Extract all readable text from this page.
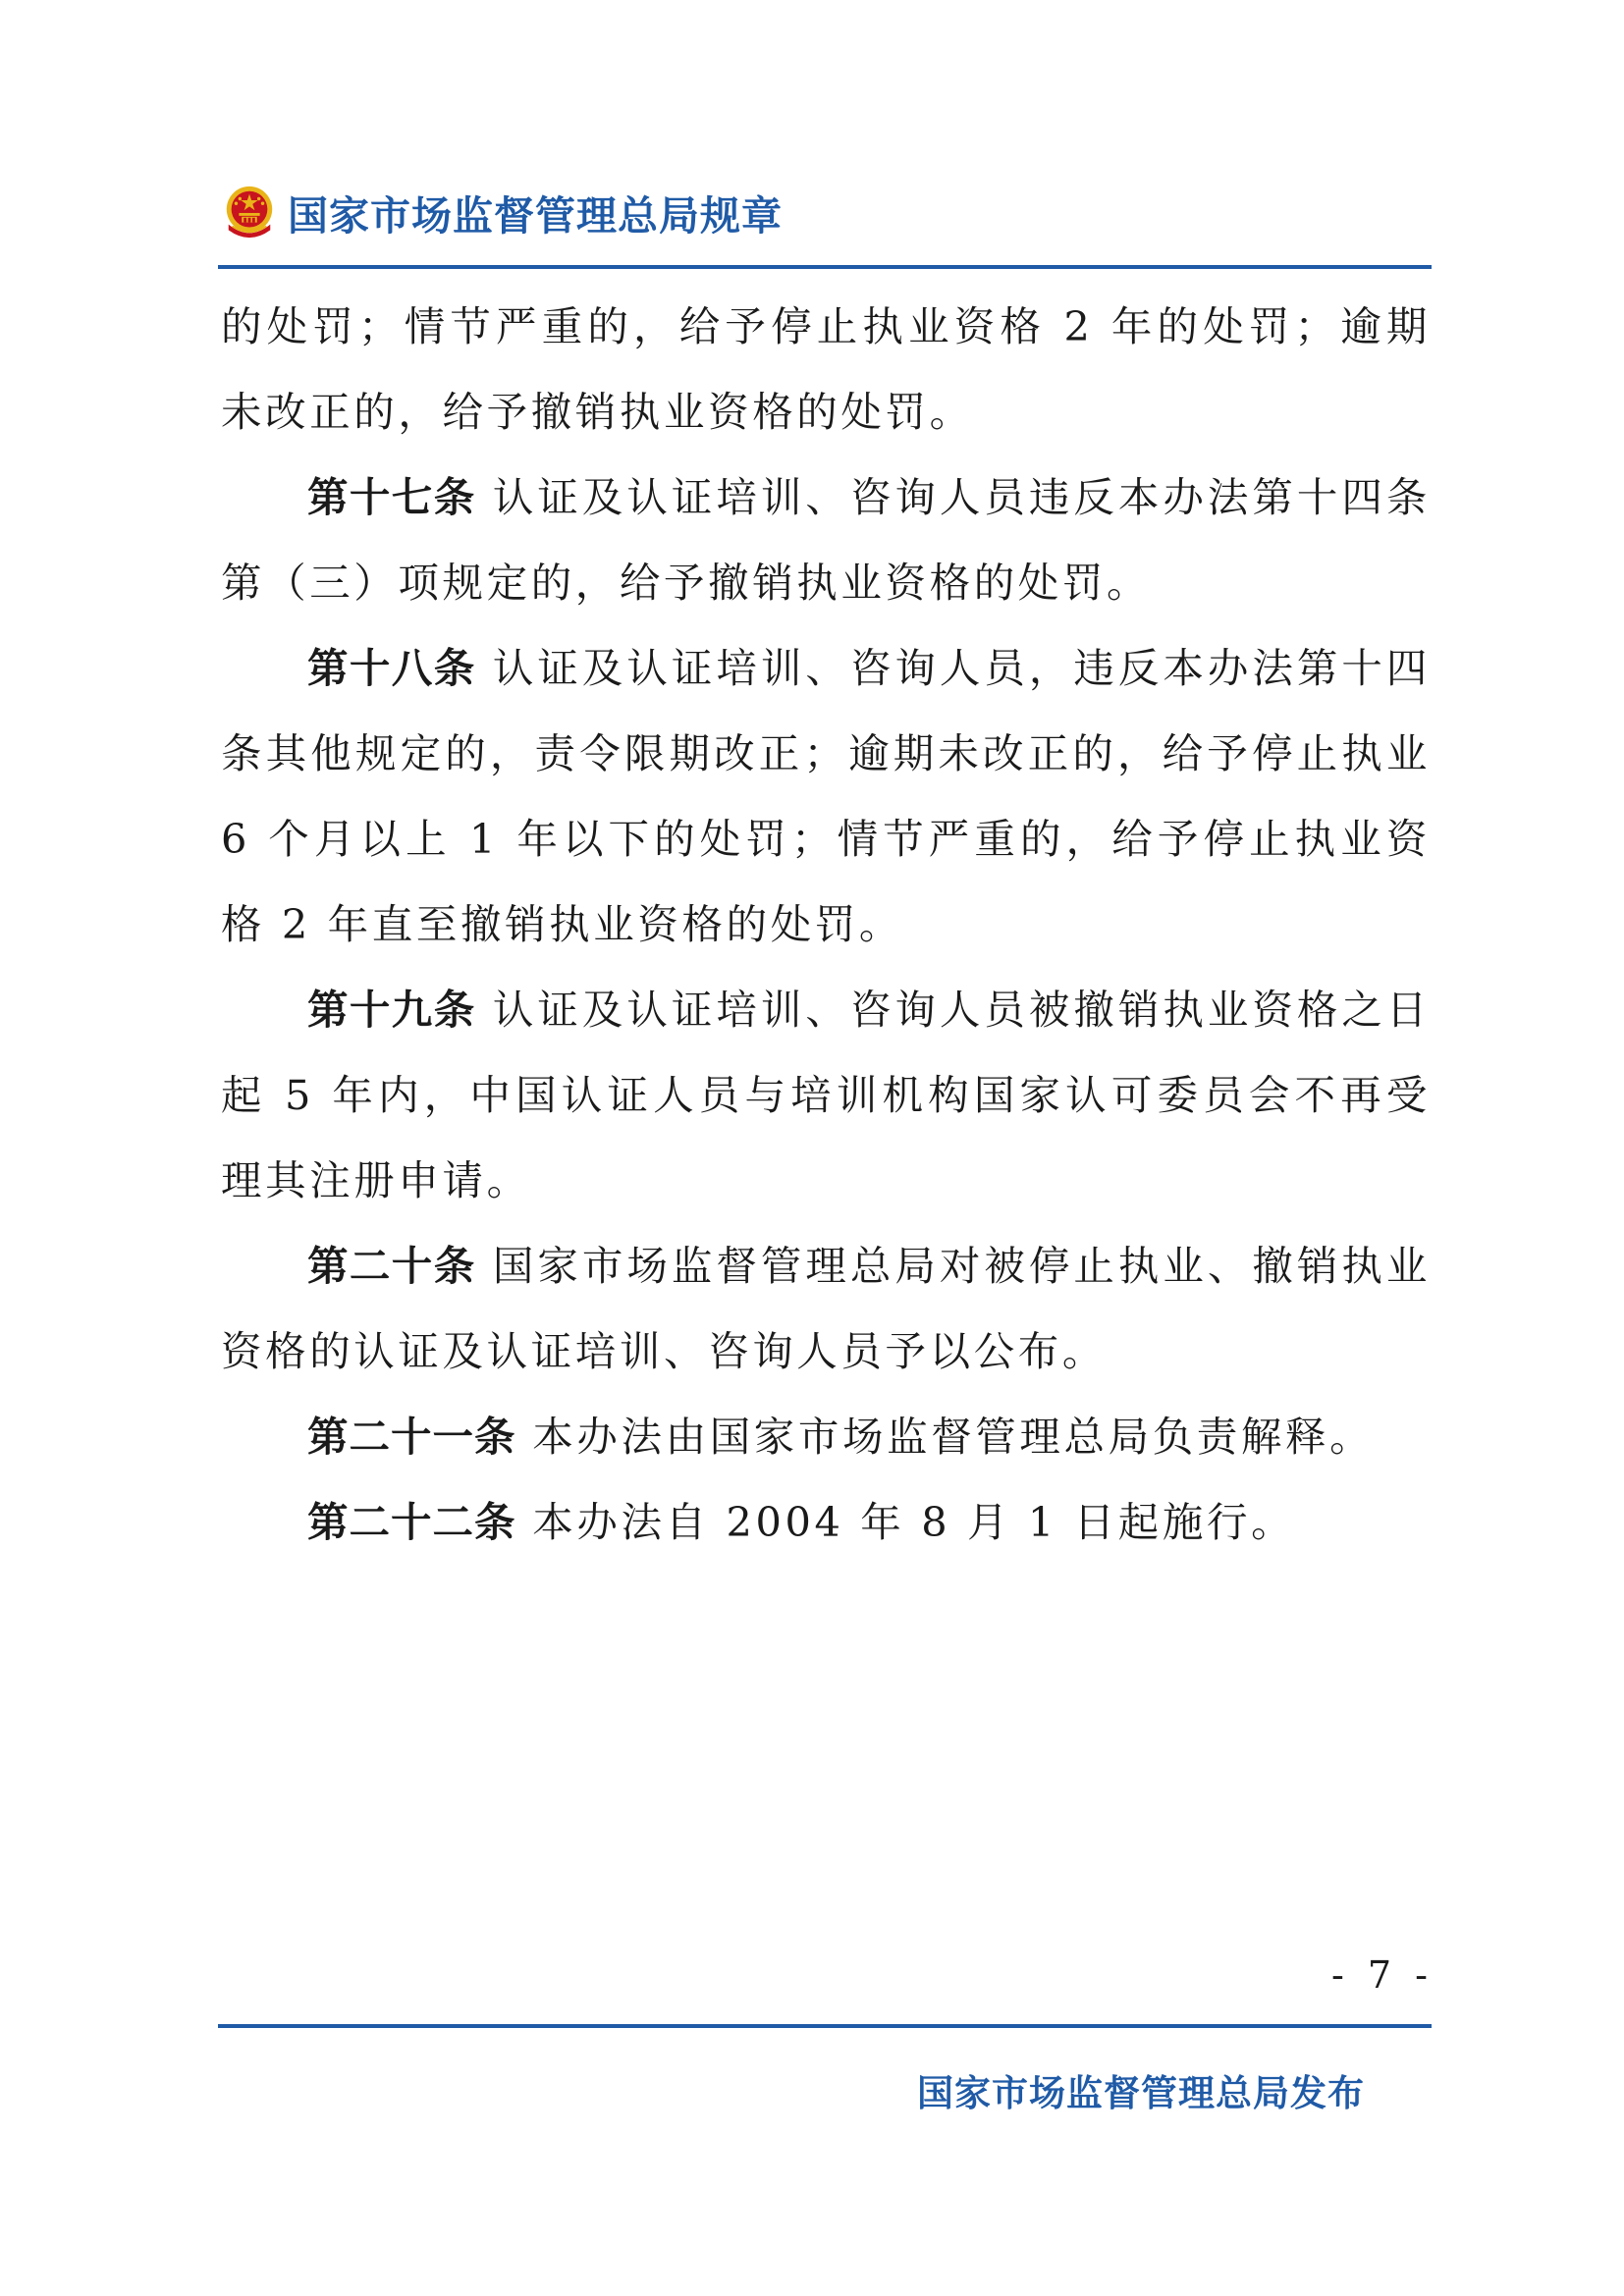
国家市场监督管理总局规章

的处罚；情节严重的，给予停止执业资格 2 年的处罚；逾期未改正的，给予撤销执业资格的处罚。

第十七条 认证及认证培训、咨询人员违反本办法第十四条第（三）项规定的，给予撤销执业资格的处罚。

第十八条 认证及认证培训、咨询人员，违反本办法第十四条其他规定的，责令限期改正；逾期未改正的，给予停止执业 6 个月以上 1 年以下的处罚；情节严重的，给予停止执业资格 2 年直至撤销执业资格的处罚。

第十九条 认证及认证培训、咨询人员被撤销执业资格之日起 5 年内，中国认证人员与培训机构国家认可委员会不再受理其注册申请。

第二十条 国家市场监督管理总局对被停止执业、撤销执业资格的认证及认证培训、咨询人员予以公布。

第二十一条 本办法由国家市场监督管理总局负责解释。

第二十二条 本办法自 2004 年 8 月 1 日起施行。

- 7 -
国家市场监督管理总局发布
